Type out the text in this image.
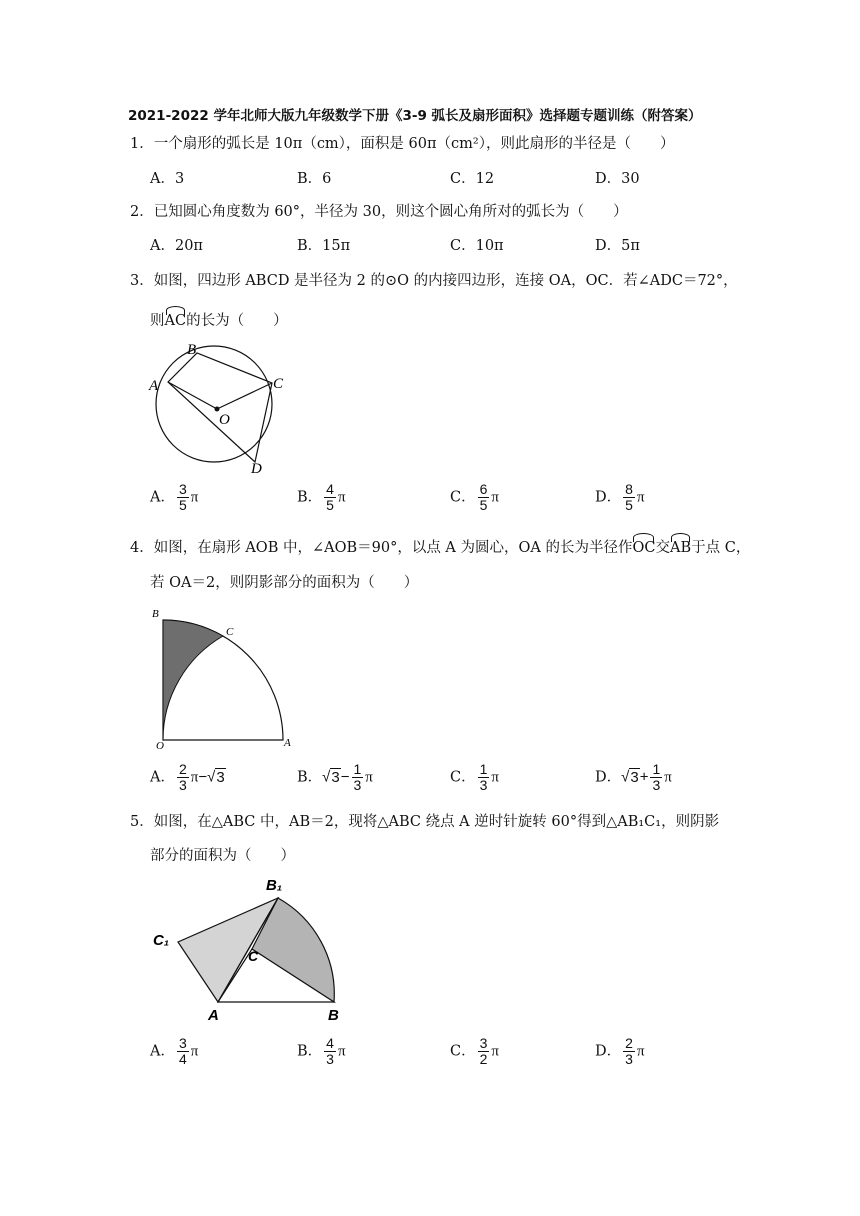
2021-2022 学年北师大版九年级数学下册《3-9 弧长及扇形面积》选择题专题训练（附答案）
1．一个扇形的弧长是 10π（cm），面积是 60π（cm²），则此扇形的半径是（　　）
A．3	B．6	C．12	D．30
2．已知圆心角度数为 60°，半径为 30，则这个圆心角所对的弧长为（　　）
A．20π	B．15π	C．10π	D．5π
3．如图，四边形 ABCD 是半径为 2 的⊙O 的内接四边形，连接 OA，OC．若∠ADC＝72°，
则AC的长为（　　）
B
A	C
O
D
A． $\frac{3}{5}$ π	B． $\frac{4}{5}$ π	C． $\frac{6}{5}$ π	D． $\frac{8}{5}$ π
4．如图，在扇形 AOB 中，∠AOB＝90°，以点 A 为圆心，OA 的长为半径作OC交AB于点 C，
若 OA＝2，则阴影部分的面积为（　　）
B
C
O	A
A． $\frac{2}{3} \pi-√3$	B．$√3- \frac{1}{3}$ π	C． $\frac{1}{3}$ π	D．$√3+ \frac{1}{3}$ π
5．如图，在△ABC 中，AB＝2，现将△ABC 绕点 A 逆时针旋转 60°得到△AB₁C₁，则阴影
部分的面积为（　　）
B₁
C₁
C
A	B
A． $\frac{3}{4}$ π	B． $\frac{4}{3}$ π	C． $\frac{3}{2}$ π	D． $\frac{2}{3}$ π
